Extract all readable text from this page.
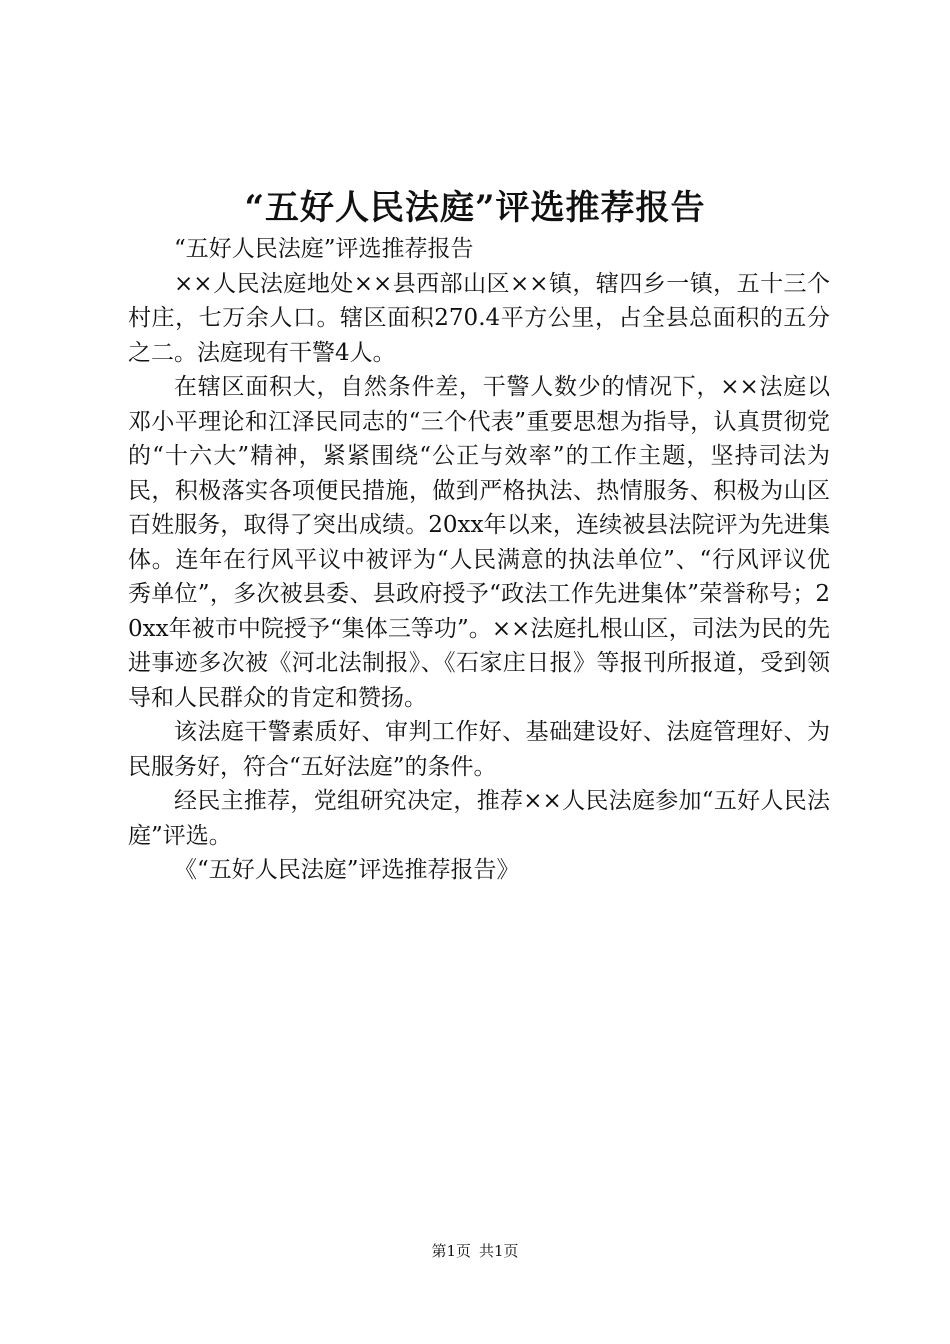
“五好人民法庭”评选推荐报告

“五好人民法庭”评选推荐报告

××人民法庭地处××县西部山区××镇，辖四乡一镇，五十三个村庄，七万余人口。辖区面积270.4平方公里，占全县总面积的五分之二。法庭现有干警4人。

在辖区面积大，自然条件差，干警人数少的情况下，××法庭以邓小平理论和江泽民同志的“三个代表”重要思想为指导，认真贯彻党的“十六大”精神，紧紧围绕“公正与效率”的工作主题，坚持司法为民，积极落实各项便民措施，做到严格执法、热情服务、积极为山区百姓服务，取得了突出成绩。20xx年以来，连续被县法院评为先进集体。连年在行风平议中被评为“人民满意的执法单位”、“行风评议优秀单位”，多次被县委、县政府授予“政法工作先进集体”荣誉称号；20xx年被市中院授予“集体三等功”。××法庭扎根山区，司法为民的先进事迹多次被《河北法制报》、《石家庄日报》等报刊所报道，受到领导和人民群众的肯定和赞扬。

该法庭干警素质好、审判工作好、基础建设好、法庭管理好、为民服务好，符合“五好法庭”的条件。

经民主推荐，党组研究决定，推荐××人民法庭参加“五好人民法庭”评选。

《“五好人民法庭”评选推荐报告》

第1页 共1页
